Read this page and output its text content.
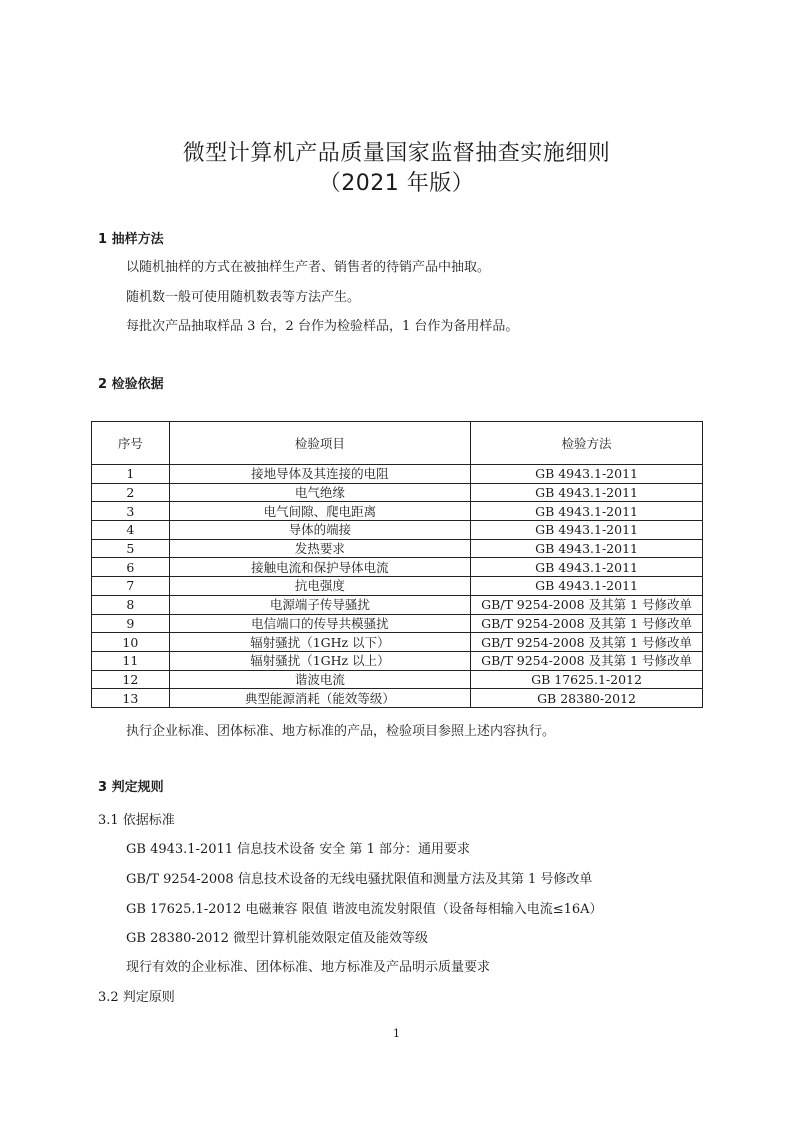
微型计算机产品质量国家监督抽查实施细则
（2021 年版）
1 抽样方法
以随机抽样的方式在被抽样生产者、销售者的待销产品中抽取。
随机数一般可使用随机数表等方法产生。
每批次产品抽取样品 3 台，2 台作为检验样品，1 台作为备用样品。
2 检验依据
序号	检验项目	检验方法
1	接地导体及其连接的电阻	GB 4943.1-2011
2	电气绝缘	GB 4943.1-2011
3	电气间隙、爬电距离	GB 4943.1-2011
4	导体的端接	GB 4943.1-2011
5	发热要求	GB 4943.1-2011
6	接触电流和保护导体电流	GB 4943.1-2011
7	抗电强度	GB 4943.1-2011
8	电源端子传导骚扰	GB/T 9254-2008 及其第 1 号修改单
9	电信端口的传导共模骚扰	GB/T 9254-2008 及其第 1 号修改单
10	辐射骚扰（1GHz 以下）	GB/T 9254-2008 及其第 1 号修改单
11	辐射骚扰（1GHz 以上）	GB/T 9254-2008 及其第 1 号修改单
12	谐波电流	GB 17625.1-2012
13	典型能源消耗（能效等级）	GB 28380-2012
执行企业标准、团体标准、地方标准的产品，检验项目参照上述内容执行。
3 判定规则
3.1 依据标准
GB 4943.1-2011 信息技术设备 安全 第 1 部分：通用要求
GB/T 9254-2008 信息技术设备的无线电骚扰限值和测量方法及其第 1 号修改单
GB 17625.1-2012 电磁兼容 限值 谐波电流发射限值（设备每相输入电流≤16A）
GB 28380-2012 微型计算机能效限定值及能效等级
现行有效的企业标准、团体标准、地方标准及产品明示质量要求
3.2 判定原则
1
